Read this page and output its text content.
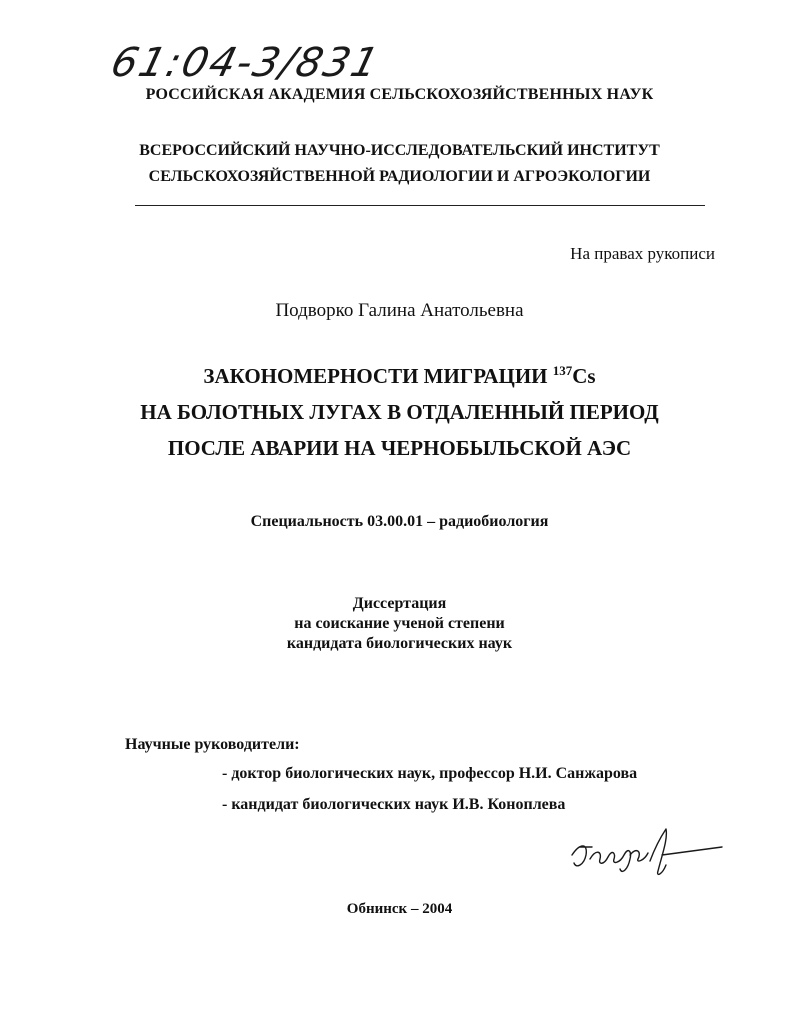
61:04-3/831
РОССИЙСКАЯ АКАДЕМИЯ СЕЛЬСКОХОЗЯЙСТВЕННЫХ НАУК
ВСЕРОССИЙСКИЙ НАУЧНО-ИССЛЕДОВАТЕЛЬСКИЙ ИНСТИТУТ
СЕЛЬСКОХОЗЯЙСТВЕННОЙ РАДИОЛОГИИ И АГРОЭКОЛОГИИ
На правах рукописи
Подворко Галина Анатольевна
ЗАКОНОМЕРНОСТИ МИГРАЦИИ $^{137}$Cs
НА БОЛОТНЫХ ЛУГАХ В ОТДАЛЕННЫЙ ПЕРИОД
ПОСЛЕ АВАРИИ НА ЧЕРНОБЫЛЬСКОЙ АЭС
Специальность 03.00.01 – радиобиология
Диссертация
на соискание ученой степени
кандидата биологических наук
Научные руководители:
- доктор биологических наук, профессор Н.И. Санжарова
- кандидат биологических наук И.В. Коноплева
Обнинск – 2004
